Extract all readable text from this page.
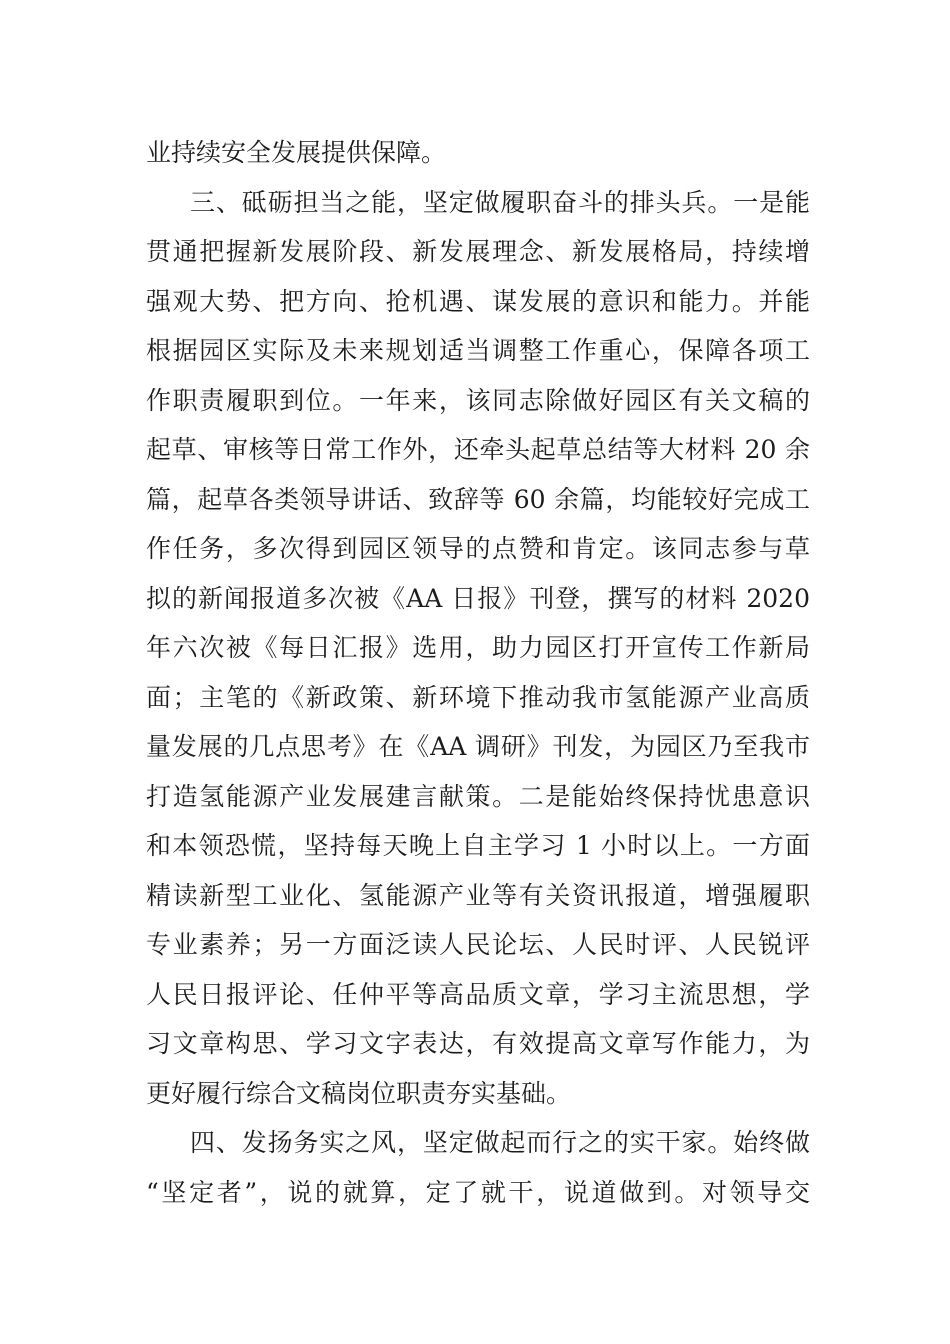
业持续安全发展提供保障。
三、砥砺担当之能，坚定做履职奋斗的排头兵。一是能
贯通把握新发展阶段、新发展理念、新发展格局，持续增
强观大势、把方向、抢机遇、谋发展的意识和能力。并能
根据园区实际及未来规划适当调整工作重心，保障各项工
作职责履职到位。一年来，该同志除做好园区有关文稿的
起草、审核等日常工作外，还牵头起草总结等大材料 20 余
篇，起草各类领导讲话、致辞等 60 余篇，均能较好完成工
作任务，多次得到园区领导的点赞和肯定。该同志参与草
拟的新闻报道多次被《AA 日报》刊登，撰写的材料 2020
年六次被《每日汇报》选用，助力园区打开宣传工作新局
面；主笔的《新政策、新环境下推动我市氢能源产业高质
量发展的几点思考》在《AA 调研》刊发，为园区乃至我市
打造氢能源产业发展建言献策。二是能始终保持忧患意识
和本领恐慌，坚持每天晚上自主学习 1 小时以上。一方面
精读新型工业化、氢能源产业等有关资讯报道，增强履职
专业素养；另一方面泛读人民论坛、人民时评、人民锐评
人民日报评论、任仲平等高品质文章，学习主流思想，学
习文章构思、学习文字表达，有效提高文章写作能力，为
更好履行综合文稿岗位职责夯实基础。
四、发扬务实之风，坚定做起而行之的实干家。始终做
“坚定者”，说的就算，定了就干，说道做到。对领导交
